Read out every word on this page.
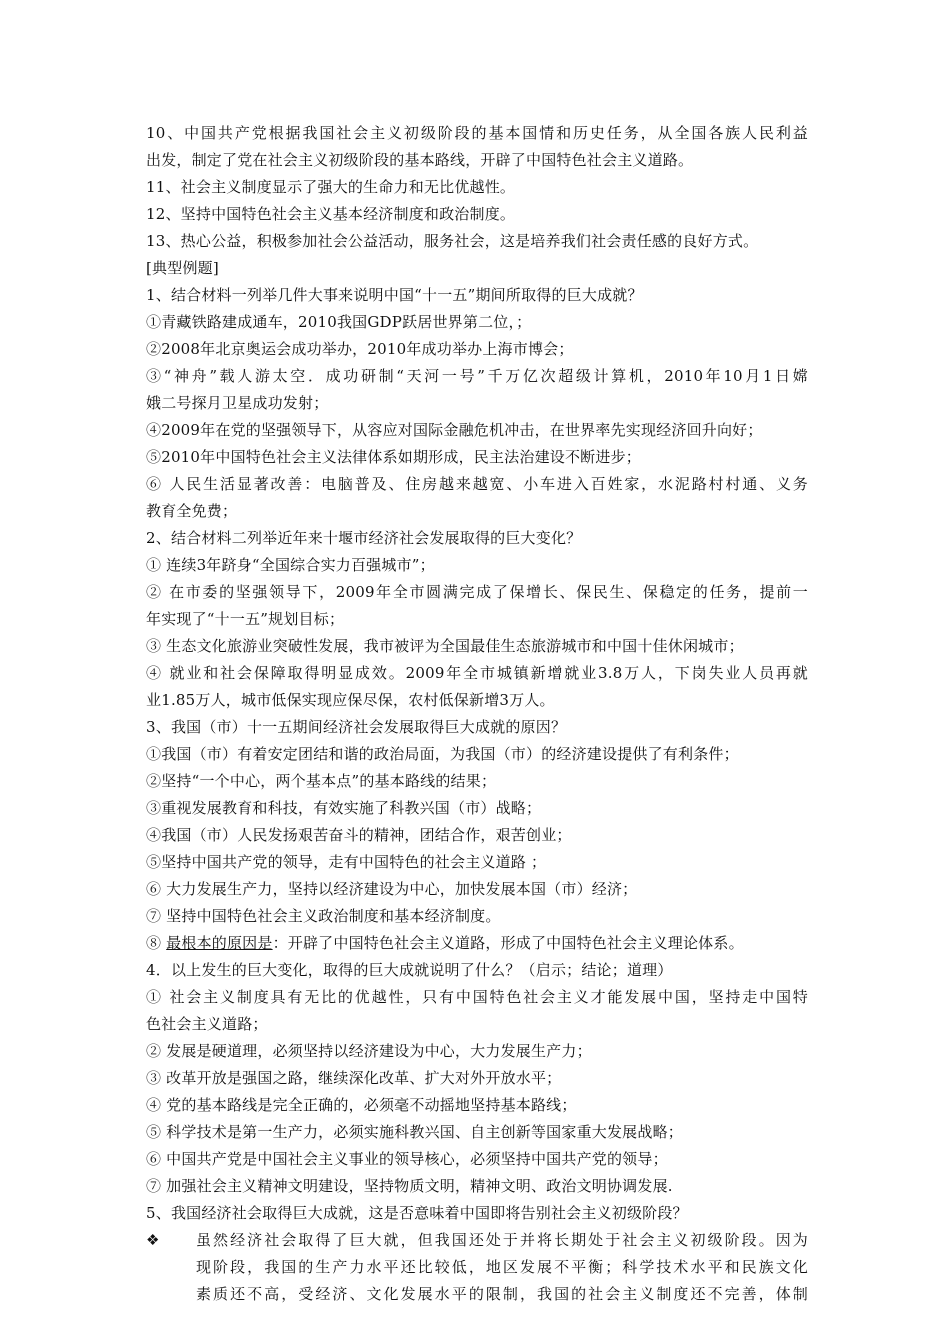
10、中国共产党根据我国社会主义初级阶段的基本国情和历史任务，从全国各族人民利益
出发，制定了党在社会主义初级阶段的基本路线，开辟了中国特色社会主义道路。
11、社会主义制度显示了强大的生命力和无比优越性。
12、坚持中国特色社会主义基本经济制度和政治制度。
13、热心公益，积极参加社会公益活动，服务社会，这是培养我们社会责任感的良好方式。
[典型例题]
1、结合材料一列举几件大事来说明中国“十一五”期间所取得的巨大成就？
①青藏铁路建成通车，2010我国GDP跃居世界第二位，；
②2008年北京奥运会成功举办，2010年成功举办上海市博会；
③“神舟”载人游太空．成功研制“天河一号”千万亿次超级计算机，2010年10月1日嫦
娥二号探月卫星成功发射；
④2009年在党的坚强领导下，从容应对国际金融危机冲击，在世界率先实现经济回升向好；
⑤2010年中国特色社会主义法律体系如期形成，民主法治建设不断进步；
⑥ 人民生活显著改善：电脑普及、住房越来越宽、小车进入百姓家，水泥路村村通、义务
教育全免费；
2、结合材料二列举近年来十堰市经济社会发展取得的巨大变化？
① 连续3年跻身“全国综合实力百强城市”；
② 在市委的坚强领导下，2009年全市圆满完成了保增长、保民生、保稳定的任务，提前一
年实现了“十一五”规划目标；
③ 生态文化旅游业突破性发展，我市被评为全国最佳生态旅游城市和中国十佳休闲城市；
④ 就业和社会保障取得明显成效。2009年全市城镇新增就业3.8万人，下岗失业人员再就
业1.85万人，城市低保实现应保尽保，农村低保新增3万人。
3、我国（市）十一五期间经济社会发展取得巨大成就的原因？
①我国（市）有着安定团结和谐的政治局面，为我国（市）的经济建设提供了有利条件；
②坚持“一个中心，两个基本点”的基本路线的结果；
③重视发展教育和科技，有效实施了科教兴国（市）战略；
④我国（市）人民发扬艰苦奋斗的精神，团结合作，艰苦创业；
⑤坚持中国共产党的领导，走有中国特色的社会主义道路 ；
⑥ 大力发展生产力，坚持以经济建设为中心，加快发展本国（市）经济；
⑦ 坚持中国特色社会主义政治制度和基本经济制度。
⑧ 最根本的原因是：开辟了中国特色社会主义道路，形成了中国特色社会主义理论体系。
4．以上发生的巨大变化，取得的巨大成就说明了什么？（启示；结论；道理）
① 社会主义制度具有无比的优越性，只有中国特色社会主义才能发展中国，坚持走中国特
色社会主义道路；
② 发展是硬道理，必须坚持以经济建设为中心，大力发展生产力；
③ 改革开放是强国之路，继续深化改革、扩大对外开放水平；
④ 党的基本路线是完全正确的，必须毫不动摇地坚持基本路线；
⑤ 科学技术是第一生产力，必须实施科教兴国、自主创新等国家重大发展战略；
⑥ 中国共产党是中国社会主义事业的领导核心，必须坚持中国共产党的领导；
⑦ 加强社会主义精神文明建设，坚持物质文明，精神文明、政治文明协调发展.
5、我国经济社会取得巨大成就，这是否意味着中国即将告别社会主义初级阶段？
❖	虽然经济社会取得了巨大就，但我国还处于并将长期处于社会主义初级阶段。因为
现阶段，我国的生产力水平还比较低，地区发展不平衡；科学技术水平和民族文化
素质还不高，受经济、文化发展水平的限制，我国的社会主义制度还不完善，体制
